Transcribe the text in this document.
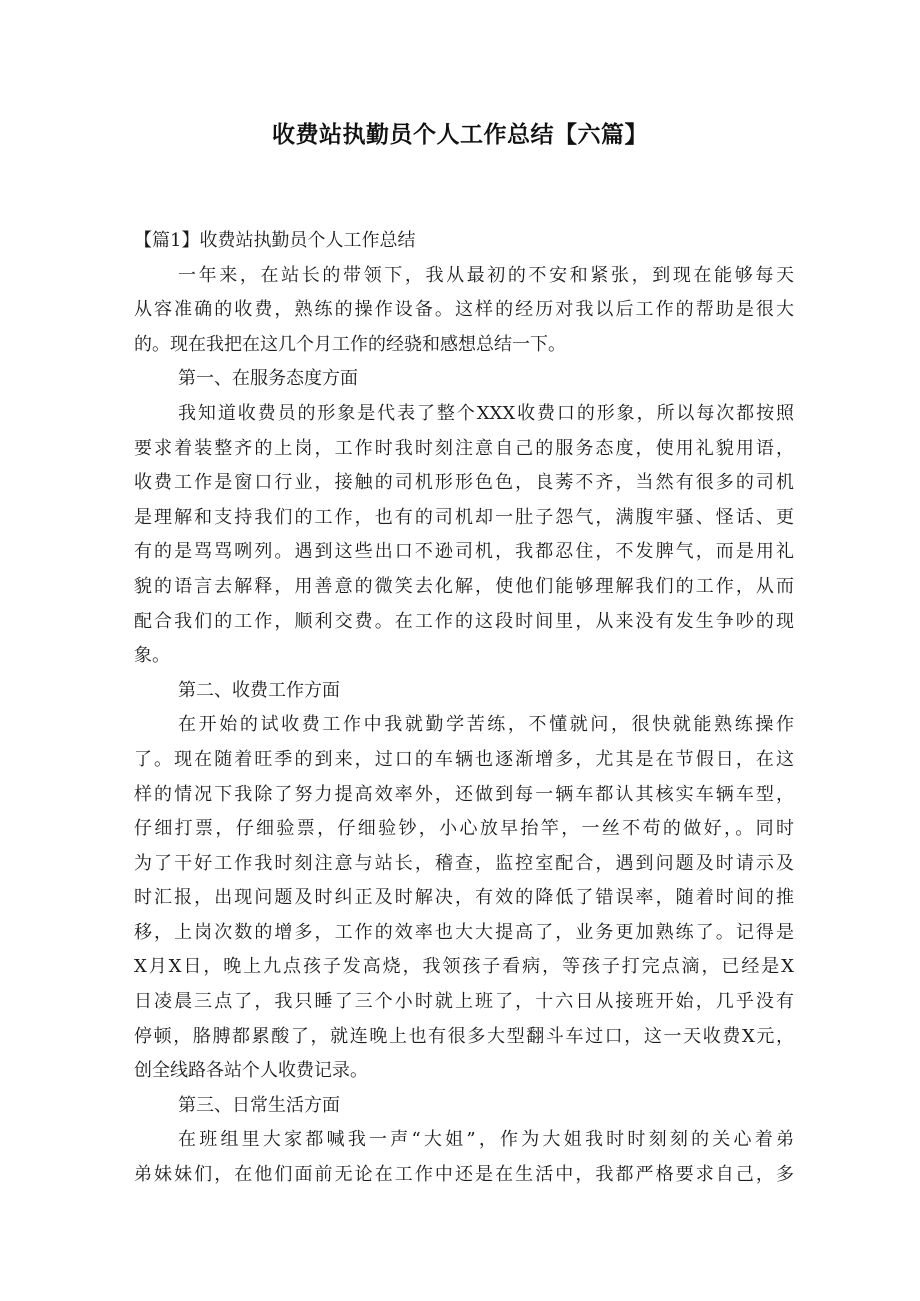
收费站执勤员个人工作总结【六篇】
【篇1】收费站执勤员个人工作总结
一年来，在站长的带领下，我从最初的不安和紧张，到现在能够每天
从容准确的收费，熟练的操作设备。这样的经历对我以后工作的帮助是很大
的。现在我把在这几个月工作的经骁和感想总结一下。
第一、在服务态度方面
我知道收费员的形象是代表了整个XXX收费口的形象，所以每次都按照
要求着装整齐的上岗，工作时我时刻注意自己的服务态度，使用礼貌用语，
收费工作是窗口行业，接触的司机形形色色，良莠不齐，当然有很多的司机
是理解和支持我们的工作，也有的司机却一肚子怨气，满腹牢骚、怪话、更
有的是骂骂咧列。遇到这些出口不逊司机，我都忍住，不发脾气，而是用礼
貌的语言去解释，用善意的微笑去化解，使他们能够理解我们的工作，从而
配合我们的工作，顺利交费。在工作的这段时间里，从来没有发生争吵的现
象。
第二、收费工作方面
在开始的试收费工作中我就勤学苦练，不懂就问，很快就能熟练操作
了。现在随着旺季的到来，过口的车辆也逐渐增多，尤其是在节假日，在这
样的情况下我除了努力提高效率外，还做到每一辆车都认其核实车辆车型，
仔细打票，仔细验票，仔细验钞，小心放早抬竿，一丝不苟的做好，。同时
为了干好工作我时刻注意与站长，稽查，监控室配合，遇到问题及时请示及
时汇报，出现问题及时纠正及时解决，有效的降低了错误率，随着时间的推
移，上岗次数的增多，工作的效率也大大提高了，业务更加熟练了。记得是
X月X日，晚上九点孩子发高烧，我领孩子看病，等孩子打完点滴，已经是X
日凌晨三点了，我只睡了三个小时就上班了，十六日从接班开始，几乎没有
停顿，胳膊都累酸了，就连晚上也有很多大型翻斗车过口，这一天收费X元，
创全线路各站个人收费记录。
第三、日常生活方面
在班组里大家都喊我一声“大姐”，作为大姐我时时刻刻的关心着弟
弟妹妹们，在他们面前无论在工作中还是在生活中，我都严格要求自己，多
